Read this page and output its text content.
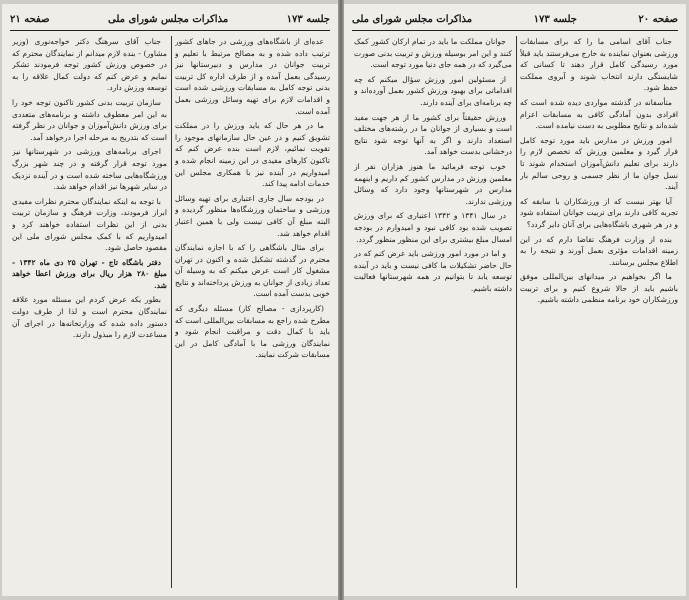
جلسه ۱۷۳
مذاکرات مجلس شورای ملی
صفحه ۲۱

عده‌ای از باشگاه‌های ورزشی در جاهای کشور ترتیب داده شده و به مصالح مرتبط با تعلیم و تربیت جوانان در مدارس و دبیرستانها نیز رسیدگی بعمل آمده و از طرف اداره کل تربیت بدنی توجه کامل به مسابقات ورزشی شده است و اقدامات لازم برای تهیه وسائل ورزشی بعمل آمده است.

ما در هر حال که باید ورزش را در مملکت تشویق کنیم و در عین حال سازمانهای موجود را تقویت نمائیم، لازم است بنده عرض کنم که تاکنون کارهای مفیدی در این زمینه انجام شده و امیدواریم در آینده نیز با همکاری مجلس این خدمات ادامه پیدا کند.

در بودجه سال جاری اعتباری برای تهیه وسائل ورزشی و ساختمان ورزشگاه‌ها منظور گردیده و البته مبلغ آن کافی نیست ولی با همین اعتبار اقدام خواهد شد.

برای مثال باشگاهی را که با اجازه نمایندگان محترم در گذشته تشکیل شده و اکنون در تهران مشغول کار است عرض میکنم که به وسیله آن تعداد زیادی از جوانان به ورزش پرداخته‌اند و نتایج خوبی بدست آمده است.

(کارپردازی - مصالح کار) مسئله دیگری که مطرح شده راجع به مسابقات بین‌المللی است که باید با کمال دقت و مراقبت انجام شود و نمایندگان ورزشی ما با آمادگی کامل در این مسابقات شرکت نمایند.

جناب آقای سرهنگ دکتر خواجه‌نوری (وزیر مشاور) - بنده لازم میدانم از نمایندگان محترم که در خصوص ورزش کشور توجه فرمودند تشکر نمایم و عرض کنم که دولت کمال علاقه را به توسعه ورزش دارد.

سازمان تربیت بدنی کشور تاکنون توجه خود را به این امر معطوف داشته و برنامه‌های متعددی برای ورزش دانش‌آموزان و جوانان در نظر گرفته است که بتدریج به مرحله اجرا درخواهد آمد.

اجرای برنامه‌های ورزشی در شهرستانها نیز مورد توجه قرار گرفته و در چند شهر بزرگ ورزشگاه‌هایی ساخته شده است و در آینده نزدیک در سایر شهرها نیز اقدام خواهد شد.

با توجه به اینکه نمایندگان محترم نظرات مفیدی ابراز فرمودند، وزارت فرهنگ و سازمان تربیت بدنی از این نظرات استفاده خواهند کرد و امیدواریم که با کمک مجلس شورای ملی این مقصود حاصل شود.

دفتر باشگاه تاج - تهران ۲۵ دی ماه ۱۳۴۲ - مبلغ ۲۸۰ هزار ریال برای ورزش اعطا خواهد شد.

بطور یکه عرض کردم این مسئله مورد علاقه نمایندگان محترم است و لذا از طرف دولت دستور داده شده که وزارتخانه‌ها در اجرای آن مساعدت لازم را مبذول دارند.

صفحه ۲۰
جلسه ۱۷۳
مذاکرات مجلس شورای ملی

جناب آقای اسامی ما را که برای مسابقات ورزشی بعنوان نماینده به خارج می‌فرستند باید قبلاً مورد رسیدگی کامل قرار دهند تا کسانی که شایستگی دارند انتخاب شوند و آبروی مملکت حفظ شود.

متأسفانه در گذشته مواردی دیده شده است که افرادی بدون آمادگی کافی به مسابقات اعزام شده‌اند و نتایج مطلوبی به دست نیامده است.

امور ورزش در مدارس باید مورد توجه کامل قرار گیرد و معلمین ورزش که تخصص لازم را دارند برای تعلیم دانش‌آموزان استخدام شوند تا نسل جوان ما از نظر جسمی و روحی سالم بار آیند.

آیا بهتر نیست که از ورزشکاران با سابقه که تجربه کافی دارند برای تربیت جوانان استفاده شود و در هر شهری باشگاه‌هایی برای آنان دایر گردد؟

بنده از وزارت فرهنگ تقاضا دارم که در این زمینه اقدامات مؤثری بعمل آورند و نتیجه را به اطلاع مجلس برسانند.

ما اگر بخواهیم در میدانهای بین‌المللی موفق باشیم باید از حالا شروع کنیم و برای تربیت ورزشکاران خود برنامه منظمی داشته باشیم.

جوانان مملکت ما باید در تمام ارکان کشور کمک کنند و این امر بوسیله ورزش و تربیت بدنی صورت می‌گیرد که در همه جای دنیا مورد توجه است.

از مسئولین امور ورزش سؤال میکنم که چه اقداماتی برای بهبود ورزش کشور بعمل آورده‌اند و چه برنامه‌ای برای آینده دارند.

ورزش حقیقتاً برای کشور ما از هر جهت مفید است و بسیاری از جوانان ما در رشته‌های مختلف استعداد دارند و اگر به آنها توجه شود نتایج درخشانی بدست خواهد آمد.

خوب توجه فرمائید ما هنوز هزاران نفر از معلمین ورزش در مدارس کشور کم داریم و اینهمه مدارس در شهرستانها وجود دارد که وسائل ورزشی ندارند.

در سال ۱۳۴۱ و ۱۳۴۲ اعتباری که برای ورزش تصویب شده بود کافی نبود و امیدوارم در بودجه امسال مبلغ بیشتری برای این منظور منظور گردد.

و اما در مورد امور ورزشی باید عرض کنم که در حال حاضر تشکیلات ما کافی نیست و باید در آینده توسعه یابد تا بتوانیم در همه شهرستانها فعالیت داشته باشیم.
